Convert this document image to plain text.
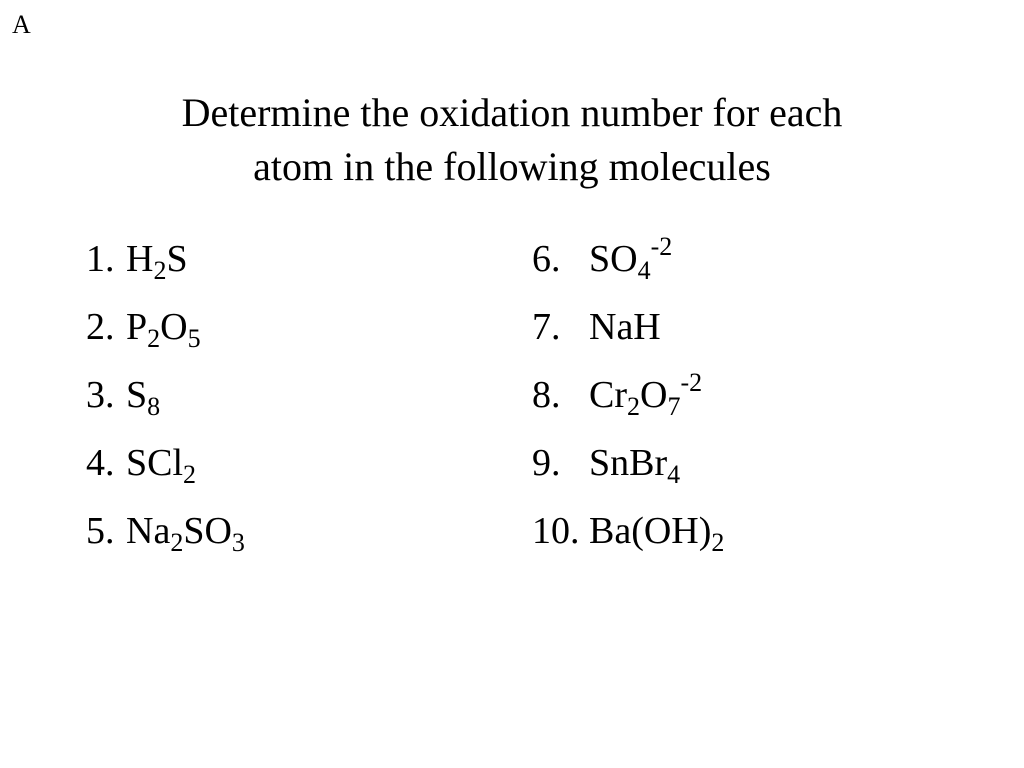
A
Determine the oxidation number for each
atom in the following molecules
1. $H_2S$
2. $P_2O_5$
3. $S_8$
4. SCl$_2$
5. $Na_2SO_3$
6. $SO_4^{-2}$
7. NaH
8. $Cr_2O_7^{-2}$
9. SnBr$_4$
10. $Ba(OH)_2$
